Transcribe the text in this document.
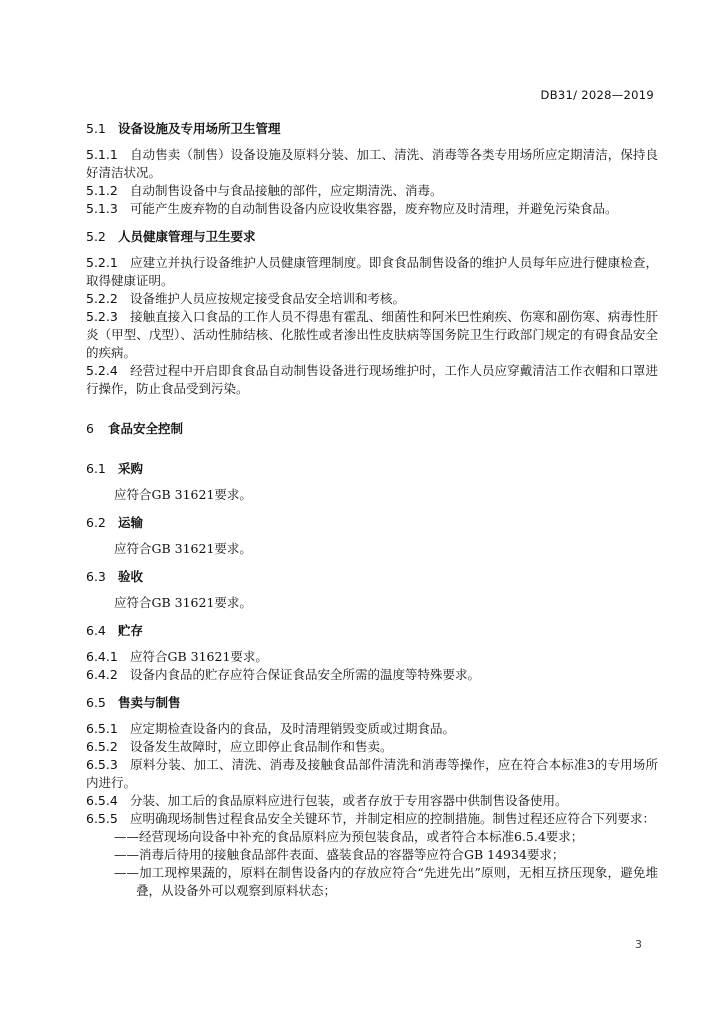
DB31/ 2028—2019
5.1 设备设施及专用场所卫生管理

5.1.1 自动售卖（制售）设备设施及原料分装、加工、清洗、消毒等各类专用场所应定期清洁，保持良好清洁状况。

5.1.2 自动制售设备中与食品接触的部件，应定期清洗、消毒。

5.1.3 可能产生废弃物的自动制售设备内应设收集容器，废弃物应及时清理，并避免污染食品。

5.2 人员健康管理与卫生要求

5.2.1 应建立并执行设备维护人员健康管理制度。即食食品制售设备的维护人员每年应进行健康检查，取得健康证明。

5.2.2 设备维护人员应按规定接受食品安全培训和考核。

5.2.3 接触直接入口食品的工作人员不得患有霍乱、细菌性和阿米巴性痢疾、伤寒和副伤寒、病毒性肝炎（甲型、戊型）、活动性肺结核、化脓性或者渗出性皮肤病等国务院卫生行政部门规定的有碍食品安全的疾病。

5.2.4 经营过程中开启即食食品自动制售设备进行现场维护时，工作人员应穿戴清洁工作衣帽和口罩进行操作，防止食品受到污染。

6 食品安全控制
6.1 采购

应符合GB 31621要求。

6.2 运输

应符合GB 31621要求。

6.3 验收

应符合GB 31621要求。

6.4 贮存

6.4.1 应符合GB 31621要求。

6.4.2 设备内食品的贮存应符合保证食品安全所需的温度等特殊要求。

6.5 售卖与制售

6.5.1 应定期检查设备内的食品，及时清理销毁变质或过期食品。

6.5.2 设备发生故障时，应立即停止食品制作和售卖。

6.5.3 原料分装、加工、清洗、消毒及接触食品部件清洗和消毒等操作，应在符合本标准3的专用场所内进行。

6.5.4 分装、加工后的食品原料应进行包装，或者存放于专用容器中供制售设备使用。

6.5.5 应明确现场制售过程食品安全关键环节，并制定相应的控制措施。制售过程还应符合下列要求：

——经营现场向设备中补充的食品原料应为预包装食品，或者符合本标准6.5.4要求；

——消毒后待用的接触食品部件表面、盛装食品的容器等应符合GB 14934要求；

——加工现榨果蔬的，原料在制售设备内的存放应符合“先进先出”原则，无相互挤压现象，避免堆叠，从设备外可以观察到原料状态；

3
